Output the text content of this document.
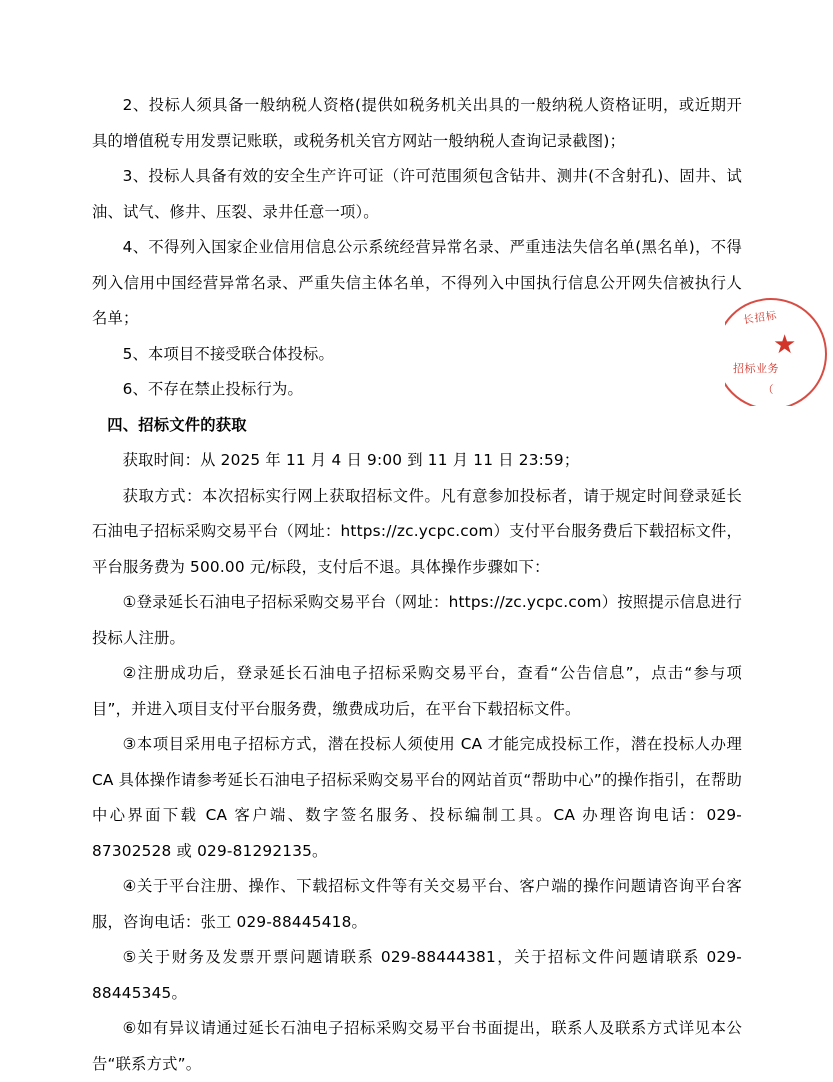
2、投标人须具备一般纳税人资格(提供如税务机关出具的一般纳税人资格证明，或近期开具的增值税专用发票记账联，或税务机关官方网站一般纳税人查询记录截图)；

3、投标人具备有效的安全生产许可证（许可范围须包含钻井、测井(不含射孔)、固井、试油、试气、修井、压裂、录井任意一项）。

4、不得列入国家企业信用信息公示系统经营异常名录、严重违法失信名单(黑名单)，不得列入信用中国经营异常名录、严重失信主体名单，不得列入中国执行信息公开网失信被执行人名单；

5、本项目不接受联合体投标。

6、不存在禁止投标行为。

四、招标文件的获取

获取时间：从 2025 年 11 月 4 日 9:00 到 11 月 11 日 23:59；

获取方式：本次招标实行网上获取招标文件。凡有意参加投标者，请于规定时间登录延长石油电子招标采购交易平台（网址：https://zc.ycpc.com）支付平台服务费后下载招标文件，平台服务费为 500.00 元/标段，支付后不退。具体操作步骤如下：

①登录延长石油电子招标采购交易平台（网址：https://zc.ycpc.com）按照提示信息进行投标人注册。

②注册成功后，登录延长石油电子招标采购交易平台，查看“公告信息”，点击“参与项目”，并进入项目支付平台服务费，缴费成功后，在平台下载招标文件。

③本项目采用电子招标方式，潜在投标人须使用 CA 才能完成投标工作，潜在投标人办理 CA 具体操作请参考延长石油电子招标采购交易平台的网站首页“帮助中心”的操作指引，在帮助中心界面下载 CA 客户端、数字签名服务、投标编制工具。CA 办理咨询电话：029-87302528 或 029-81292135。

④关于平台注册、操作、下载招标文件等有关交易平台、客户端的操作问题请咨询平台客服，咨询电话：张工 029-88445418。

⑤关于财务及发票开票问题请联系 029-88444381，关于招标文件问题请联系 029-88445345。

⑥如有异议请通过延长石油电子招标采购交易平台书面提出，联系人及联系方式详见本公告“联系方式”。

长招标
★
招标业务
（
